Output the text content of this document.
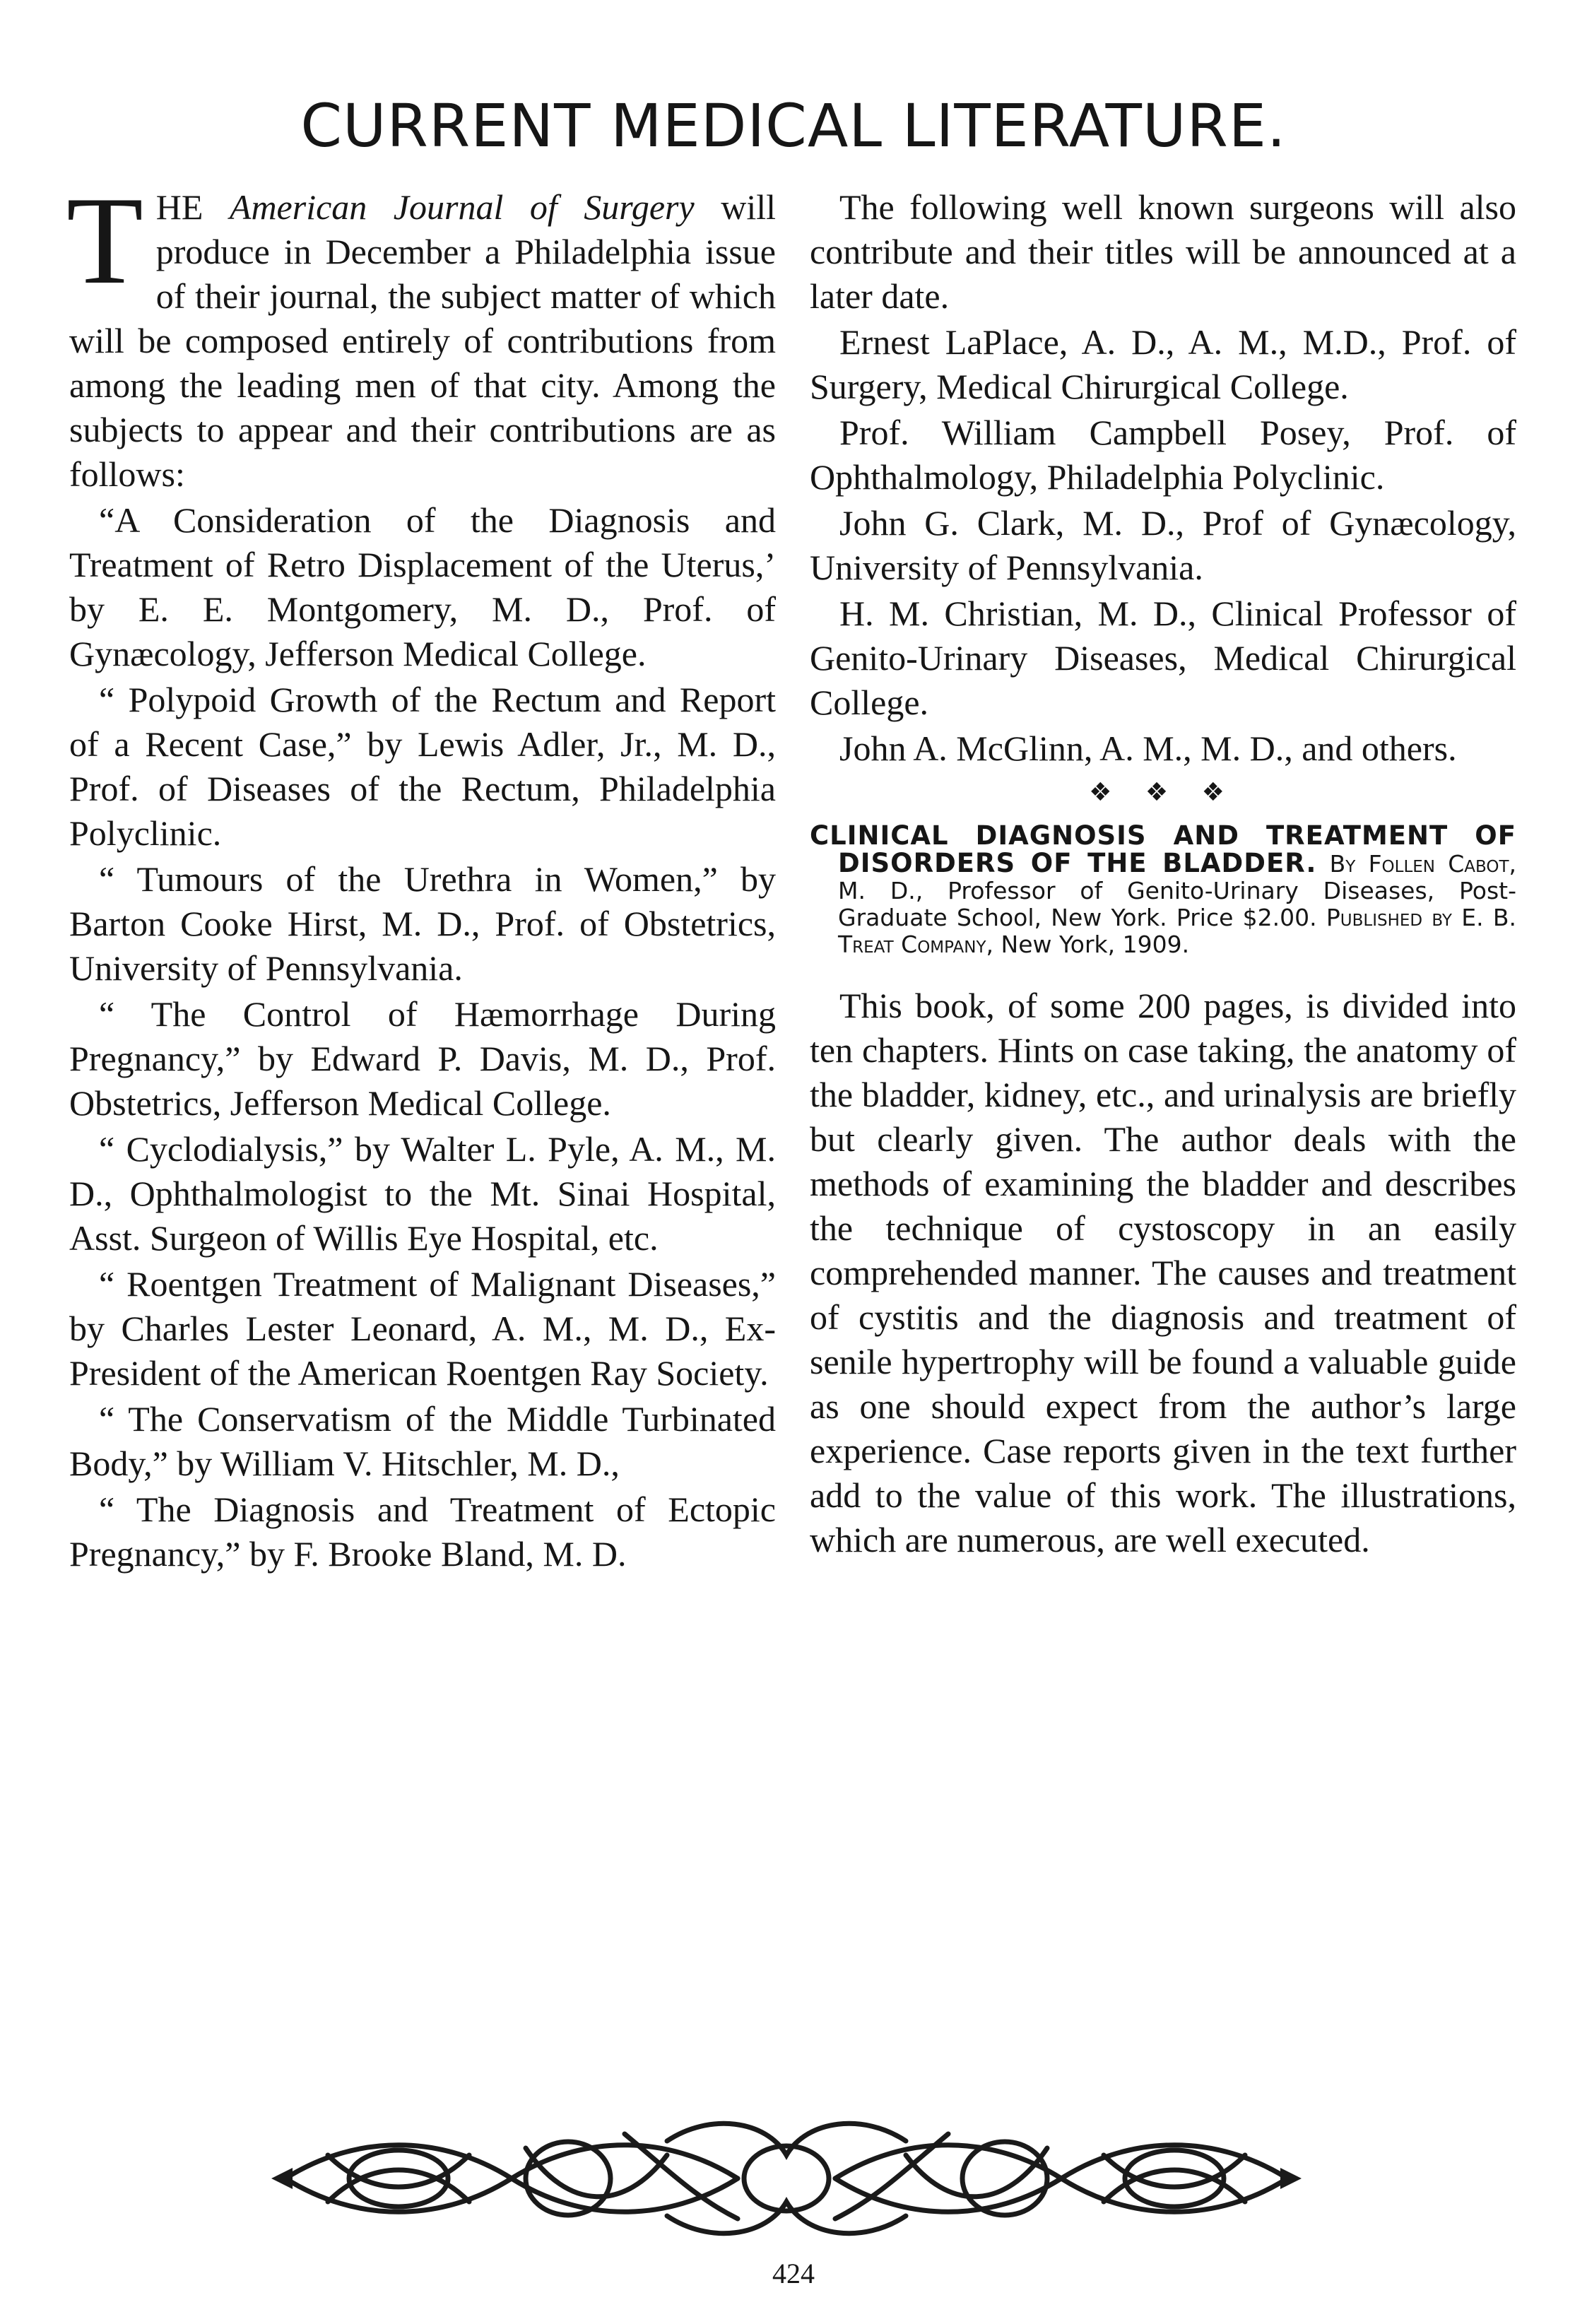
CURRENT MEDICAL LITERATURE.

THE American Journal of Surgery will produce in December a Philadelphia issue of their journal, the subject matter of which will be composed entirely of contributions from among the leading men of that city. Among the subjects to appear and their contributions are as follows:

“A Consideration of the Diagnosis and Treatment of Retro Displacement of the Uterus,’ by E. E. Montgomery, M. D., Prof. of Gynæcology, Jefferson Medical College.

“ Polypoid Growth of the Rectum and Report of a Recent Case,” by Lewis Adler, Jr., M. D., Prof. of Diseases of the Rectum, Philadelphia Polyclinic.

“ Tumours of the Urethra in Women,” by Barton Cooke Hirst, M. D., Prof. of Obstetrics, University of Pennsylvania.

“ The Control of Hæmorrhage During Pregnancy,” by Edward P. Davis, M. D., Prof. Obstetrics, Jefferson Medical College.

“ Cyclodialysis,” by Walter L. Pyle, A. M., M. D., Ophthalmologist to the Mt. Sinai Hospital, Asst. Surgeon of Willis Eye Hospital, etc.

“ Roentgen Treatment of Malignant Diseases,” by Charles Lester Leonard, A. M., M. D., Ex-President of the American Roentgen Ray Society.

“ The Conservatism of the Middle Turbinated Body,” by William V. Hitschler, M. D.,

“ The Diagnosis and Treatment of Ectopic Pregnancy,” by F. Brooke Bland, M. D.

The following well known surgeons will also contribute and their titles will be announced at a later date.

Ernest LaPlace, A. D., A. M., M.D., Prof. of Surgery, Medical Chirurgical College.

Prof. William Campbell Posey, Prof. of Ophthalmology, Philadelphia Polyclinic.

John G. Clark, M. D., Prof of Gynæcology, University of Pennsylvania.

H. M. Christian, M. D., Clinical Professor of Genito-Urinary Diseases, Medical Chirurgical College.

John A. McGlinn, A. M., M. D., and others.

❖ ❖ ❖
CLINICAL DIAGNOSIS AND TREATMENT OF DISORDERS OF THE BLADDER. By Follen Cabot, M. D., Professor of Genito-Urinary Diseases, Post-Graduate School, New York. Price $2.00. Published by E. B. Treat Company, New York, 1909.

This book, of some 200 pages, is divided into ten chapters. Hints on case taking, the anatomy of the bladder, kidney, etc., and urinalysis are briefly but clearly given. The author deals with the methods of examining the bladder and describes the technique of cystoscopy in an easily comprehended manner. The causes and treatment of cystitis and the diagnosis and treatment of senile hypertrophy will be found a valuable guide as one should expect from the author’s large experience. Case reports given in the text further add to the value of this work. The illustrations, which are numerous, are well executed.

424
